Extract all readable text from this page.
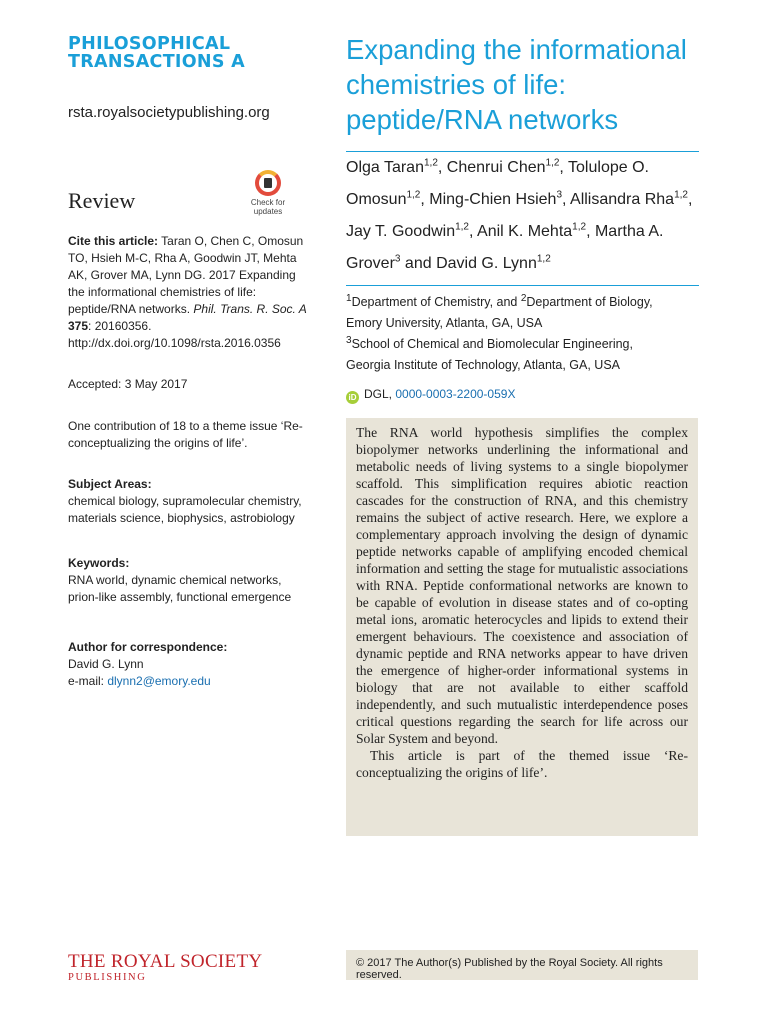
PHILOSOPHICAL
TRANSACTIONS A
rsta.royalsocietypublishing.org
Review	Check for
updates
Cite this article: Taran O, Chen C, Omosun TO, Hsieh M-C, Rha A, Goodwin JT, Mehta AK, Grover MA, Lynn DG. 2017 Expanding the informational chemistries of life: peptide/RNA networks. Phil. Trans. R. Soc. A 375: 20160356. http://dx.doi.org/10.1098/rsta.2016.0356
Accepted: 3 May 2017
One contribution of 18 to a theme issue ‘Re-conceptualizing the origins of life’.
Subject Areas:
chemical biology, supramolecular chemistry, materials science, biophysics, astrobiology
Keywords:
RNA world, dynamic chemical networks, prion-like assembly, functional emergence
Author for correspondence:
David G. Lynn
e-mail: dlynn2@emory.edu
Expanding the informational
chemistries of life:
peptide/RNA networks
Olga Taran$^{1,2}$, Chenrui Chen$^{1,2}$, Tolulope O. Omosun$^{1,2}$, Ming-Chien Hsieh$^3$, Allisandra Rha$^{1,2}$, Jay T. Goodwin$^{1,2}$, Anil K. Mehta$^{1,2}$, Martha A. Grover$^3$ and David G. Lynn$^{1,2}$
$^1$Department of Chemistry, and $^2$Department of Biology,
Emory University, Atlanta, GA, USA
$^3$School of Chemical and Biomolecular Engineering,
Georgia Institute of Technology, Atlanta, GA, USA
iD DGL, 0000-0003-2200-059X

The RNA world hypothesis simplifies the complex biopolymer networks underlining the informational and metabolic needs of living systems to a single biopolymer scaffold. This simplification requires abiotic reaction cascades for the construction of RNA, and this chemistry remains the subject of active research. Here, we explore a complementary approach involving the design of dynamic peptide networks capable of amplifying encoded chemical information and setting the stage for mutualistic associations with RNA. Peptide conformational networks are known to be capable of evolution in disease states and of co-opting metal ions, aromatic heterocycles and lipids to extend their emergent behaviours. The coexistence and association of dynamic peptide and RNA networks appear to have driven the emergence of higher-order informational systems in biology that are not available to either scaffold independently, and such mutualistic interdependence poses critical questions regarding the search for life across our Solar System and beyond.

This article is part of the themed issue ‘Re-conceptualizing the origins of life’.

© 2017 The Author(s) Published by the Royal Society. All rights reserved.
THE ROYAL SOCIETY
PUBLISHING
